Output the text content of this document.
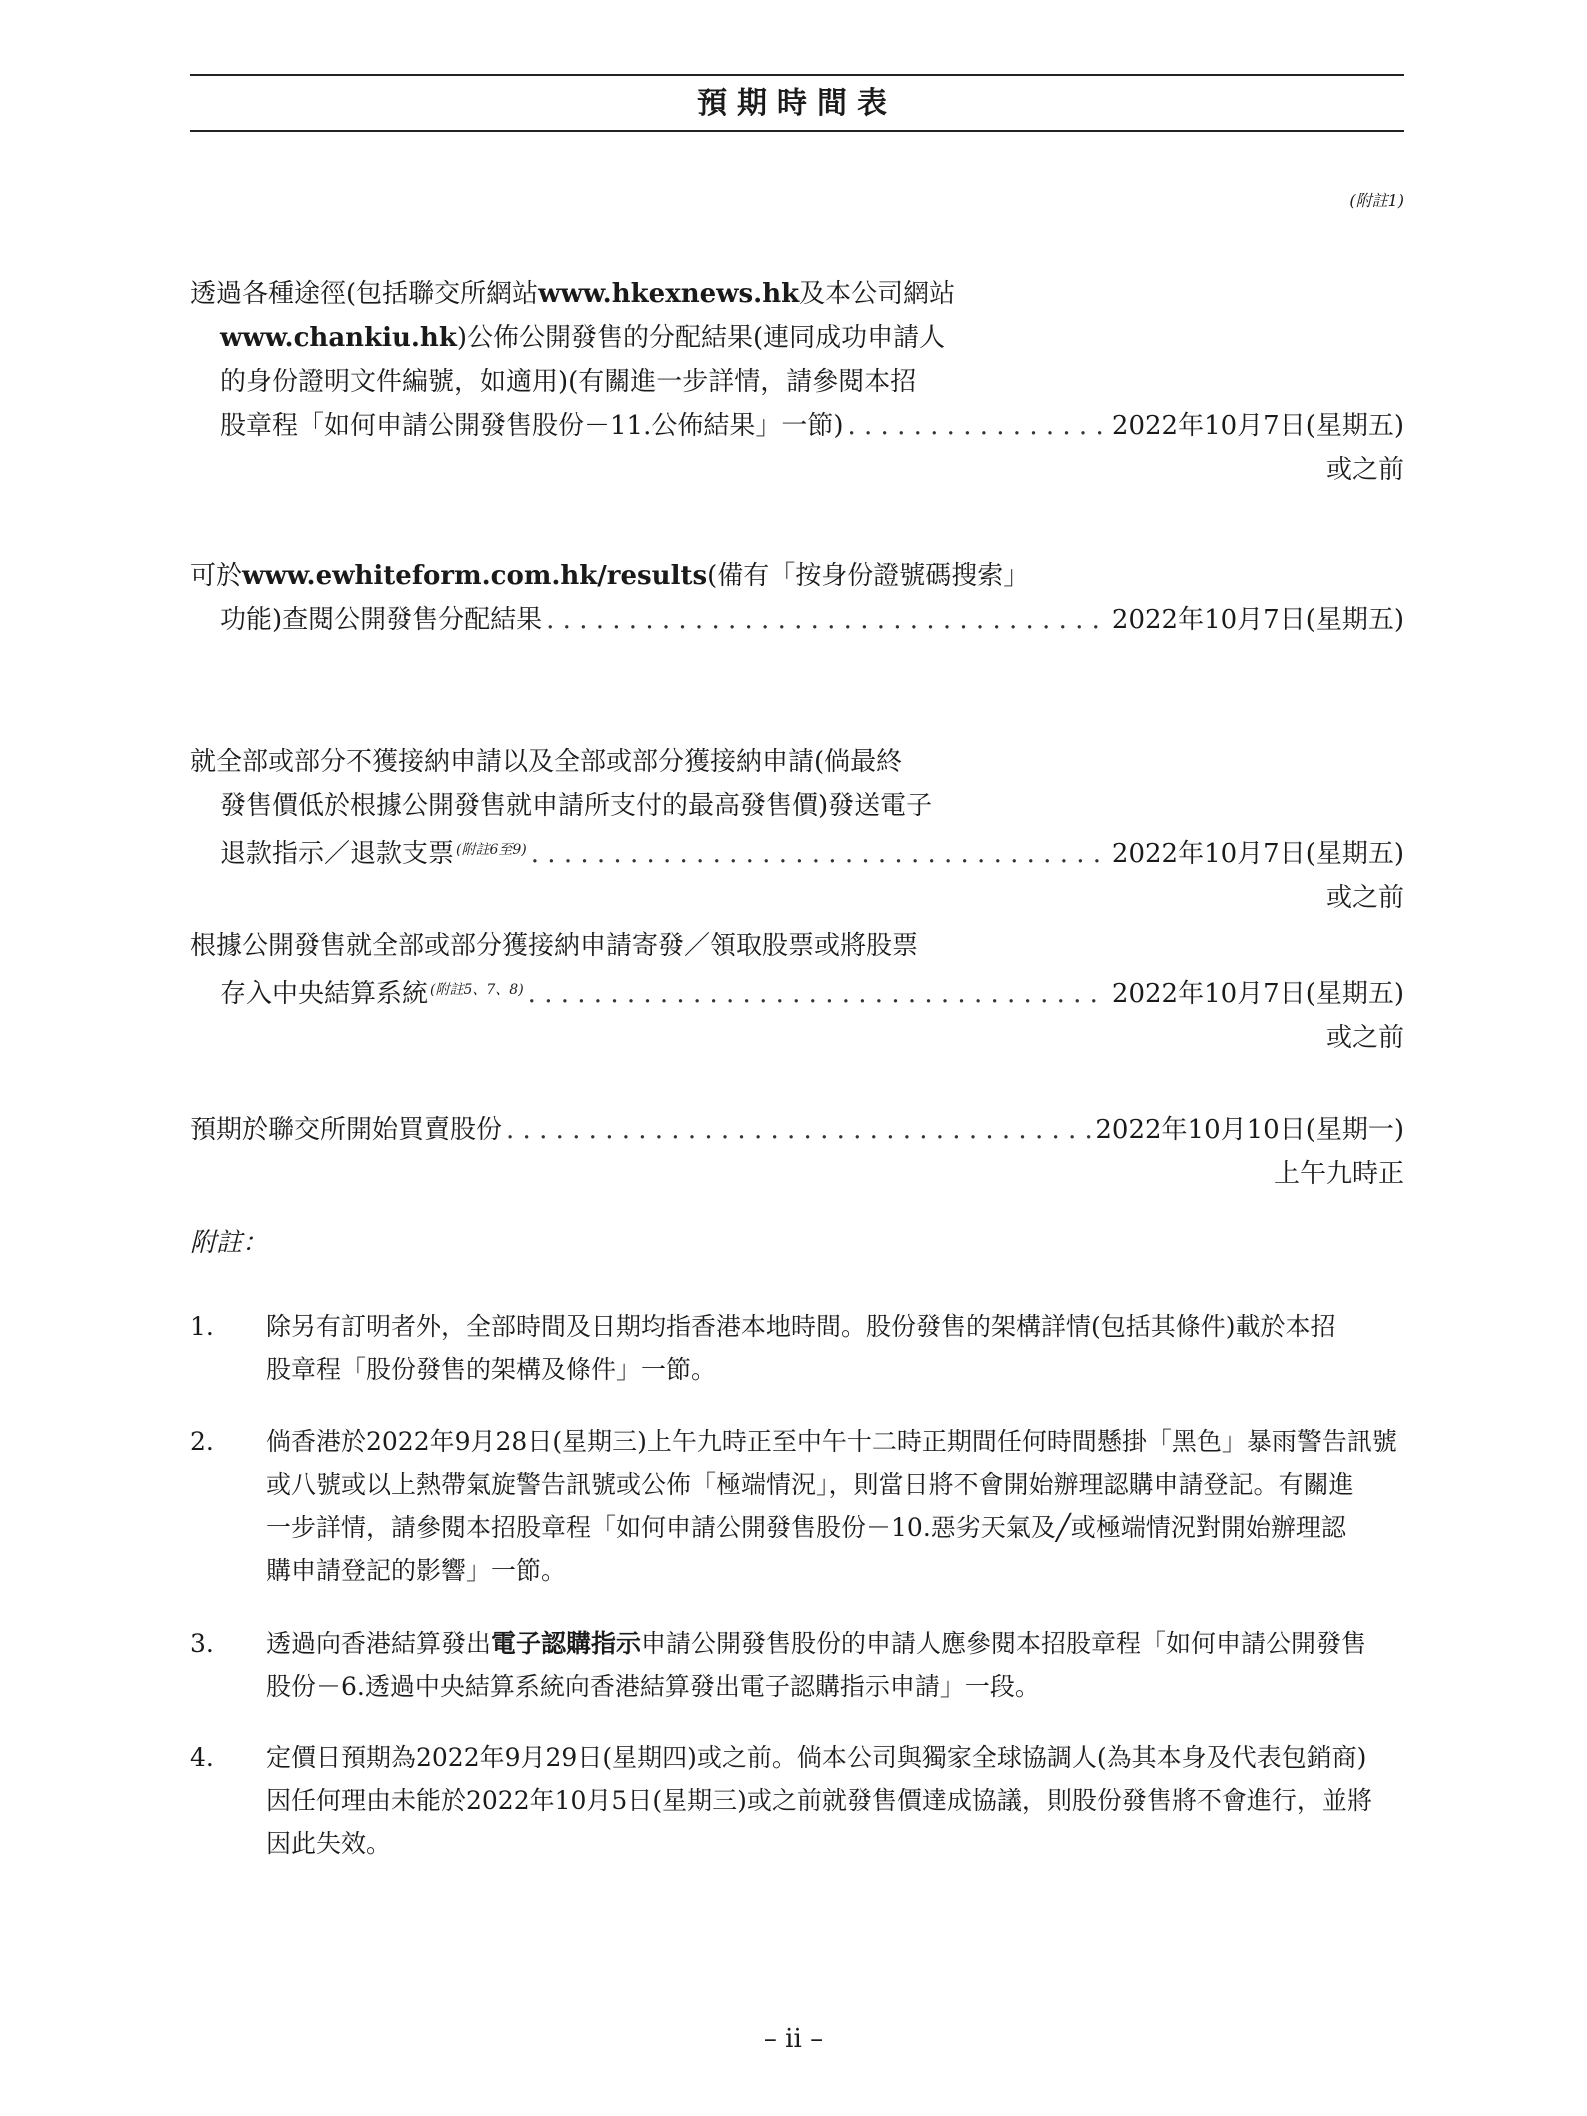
預期時間表
(附註1)
透過各種途徑(包括聯交所網站www.hkexnews.hk及本公司網站
www.chankiu.hk)公佈公開發售的分配結果(連同成功申請人
的身份證明文件編號，如適用)(有關進一步詳情，請參閱本招
股章程「如何申請公開發售股份－11.公佈結果」一節) . . .	2022年10月7日(星期五)
或之前
可於www.ewhiteform.com.hk/results(備有「按身份證號碼搜索」
功能)查閱公開發售分配結果 . . .	2022年10月7日(星期五)
就全部或部分不獲接納申請以及全部或部分獲接納申請(倘最終
發售價低於根據公開發售就申請所支付的最高發售價)發送電子
退款指示／退款支票 $^{(附註6至9)}$ . . .	2022年10月7日(星期五)
或之前
根據公開發售就全部或部分獲接納申請寄發／領取股票或將股票
存入中央結算系統 $^{(附註5、7、8)}$ . . .	2022年10月7日(星期五)
或之前
預期於聯交所開始買賣股份 . . .	2022年10月10日(星期一)
上午九時正
附註：
1. 除另有訂明者外，全部時間及日期均指香港本地時間。股份發售的架構詳情(包括其條件)載於本招
股章程「股份發售的架構及條件」一節。
2. 倘香港於2022年9月28日(星期三)上午九時正至中午十二時正期間任何時間懸掛「黑色」暴雨警告訊號
或八號或以上熱帶氣旋警告訊號或公佈「極端情況」，則當日將不會開始辦理認購申請登記。有關進
一步詳情，請參閱本招股章程「如何申請公開發售股份－10.惡劣天氣及╱或極端情況對開始辦理認
購申請登記的影響」一節。
3. 透過向香港結算發出電子認購指示申請公開發售股份的申請人應參閱本招股章程「如何申請公開發售
股份－6.透過中央結算系統向香港結算發出電子認購指示申請」一段。
4. 定價日預期為2022年9月29日(星期四)或之前。倘本公司與獨家全球協調人(為其本身及代表包銷商)
因任何理由未能於2022年10月5日(星期三)或之前就發售價達成協議，則股份發售將不會進行，並將
因此失效。
– ii –
